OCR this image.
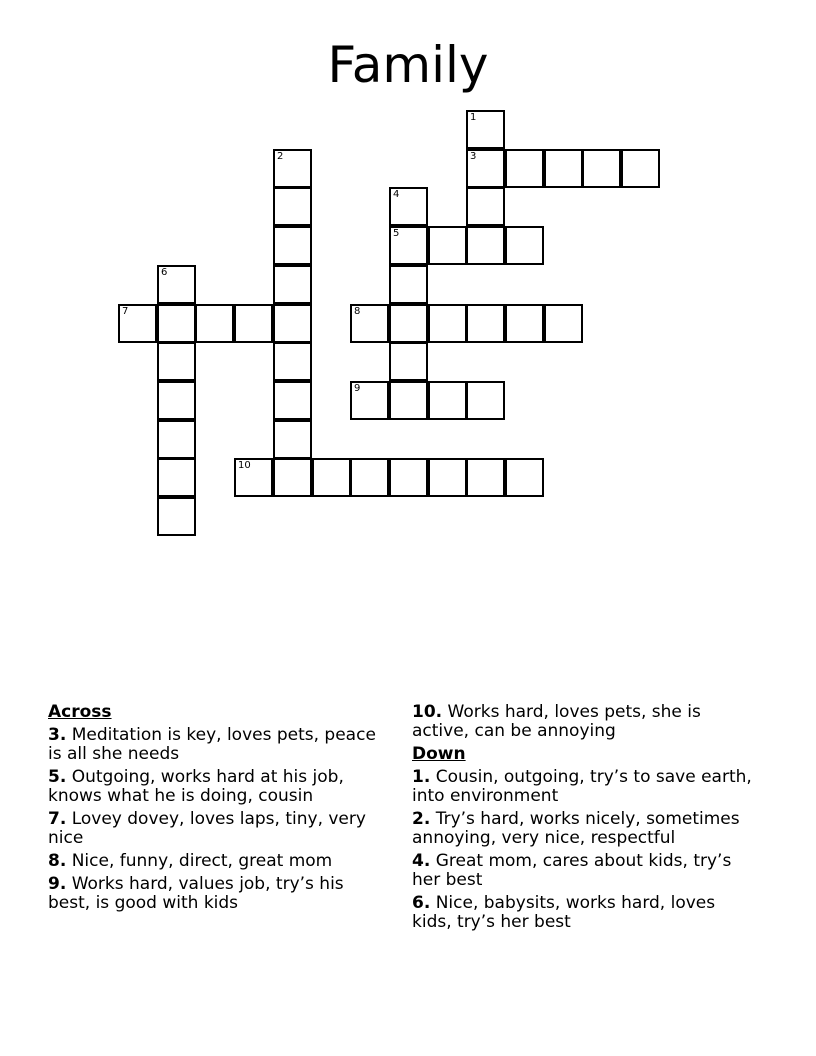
Family
1
3
2
4
5
6
7	8
9
10
Across
3. Meditation is key, loves pets, peace is all she needs
5. Outgoing, works hard at his job, knows what he is doing, cousin
7. Lovey dovey, loves laps, tiny, very nice
8. Nice, funny, direct, great mom
9. Works hard, values job, try’s his best, is good with kids
10. Works hard, loves pets, she is active, can be annoying
Down
1. Cousin, outgoing, try’s to save earth, into environment
2. Try’s hard, works nicely, sometimes annoying, very nice, respectful
4. Great mom, cares about kids, try’s her best
6. Nice, babysits, works hard, loves kids, try’s her best
